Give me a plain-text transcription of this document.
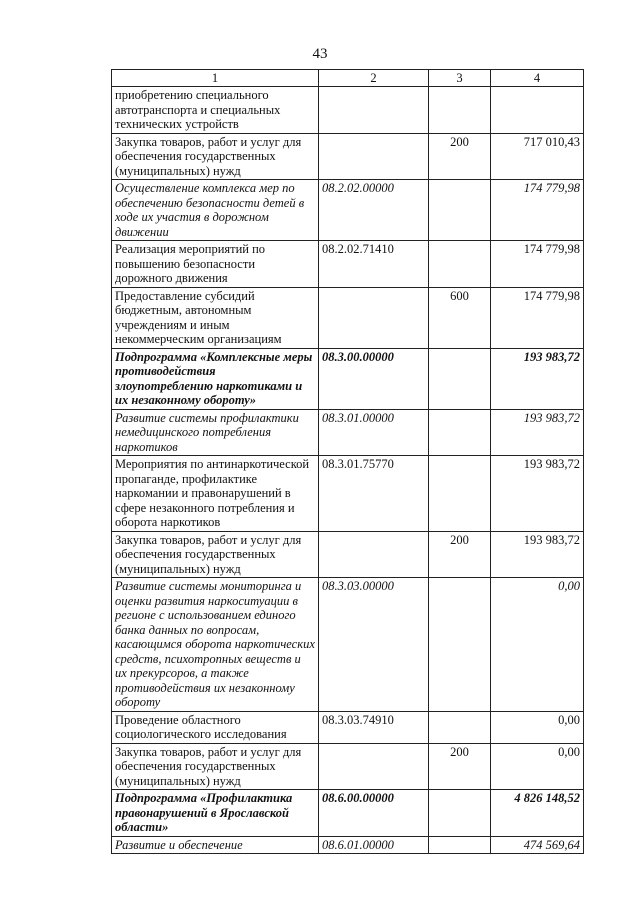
43
1	2	3	4
приобретению специального автотранспорта и специальных технических устройств			
Закупка товаров, работ и услуг для обеспечения государственных (муниципальных) нужд		200	717 010,43
Осуществление комплекса мер по обеспечению безопасности детей в ходе их участия в дорожном движении	08.2.02.00000		174 779,98
Реализация мероприятий по повышению безопасности дорожного движения	08.2.02.71410		174 779,98
Предоставление субсидий бюджетным, автономным учреждениям и иным некоммерческим организациям		600	174 779,98
Подпрограмма «Комплексные меры противодействия злоупотреблению наркотиками и их незаконному обороту»	08.3.00.00000		193 983,72
Развитие системы профилактики немедицинского потребления наркотиков	08.3.01.00000		193 983,72
Мероприятия по антинаркотической пропаганде, профилактике наркомании и правонарушений в сфере незаконного потребления и оборота наркотиков	08.3.01.75770		193 983,72
Закупка товаров, работ и услуг для обеспечения государственных (муниципальных) нужд		200	193 983,72
Развитие системы мониторинга и оценки развития наркоситуации в регионе с использованием единого банка данных по вопросам, касающимся оборота наркотических средств, психотропных веществ и их прекурсоров, а также противодействия их незаконному обороту	08.3.03.00000		0,00
Проведение областного социологического исследования	08.3.03.74910		0,00
Закупка товаров, работ и услуг для обеспечения государственных (муниципальных) нужд		200	0,00
Подпрограмма «Профилактика правонарушений в Ярославской области»	08.6.00.00000		4 826 148,52
Развитие и обеспечение	08.6.01.00000		474 569,64
